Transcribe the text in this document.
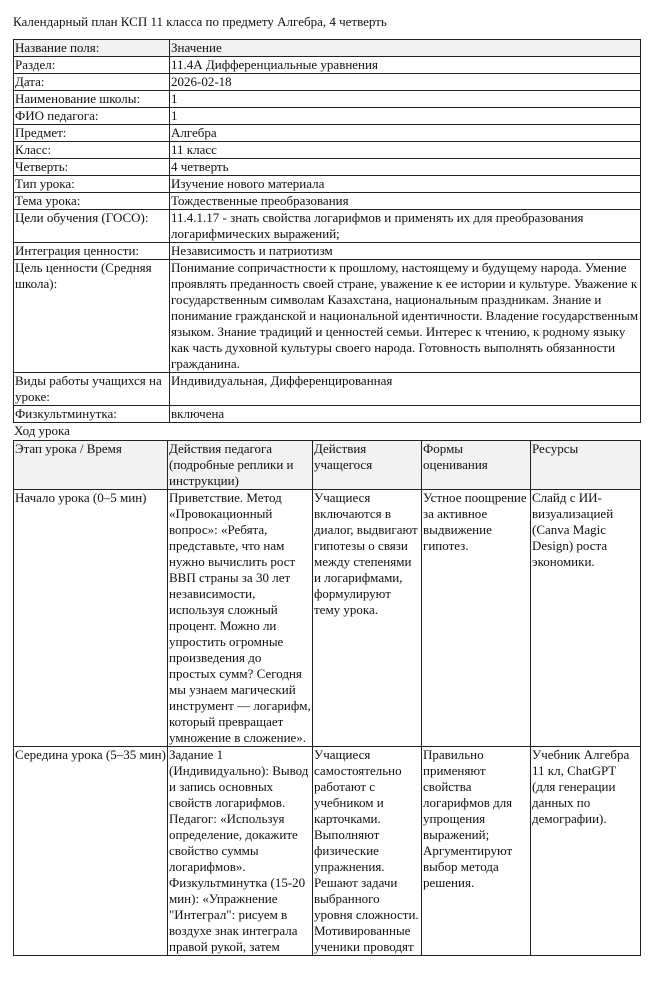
Календарный план КСП 11 класса по предмету Алгебра, 4 четверть
Название поля:	Значение
Раздел:	11.4А Дифференциальные уравнения
Дата:	2026-02-18
Наименование школы:	1
ФИО педагога:	1
Предмет:	Алгебра
Класс:	11 класс
Четверть:	4 четверть
Тип урока:	Изучение нового материала
Тема урока:	Тождественные преобразования
Цели обучения (ГОСО):	11.4.1.17 - знать свойства логарифмов и применять их для преобразования логарифмических выражений;
Интеграция ценности:	Независимость и патриотизм
Цель ценности (Средняя школа):	Понимание сопричастности к прошлому, настоящему и будущему народа. Умение проявлять преданность своей стране, уважение к ее истории и культуре. Уважение к государственным символам Казахстана, национальным праздникам. Знание и понимание гражданской и национальной идентичности. Владение государственным языком. Знание традиций и ценностей семьи. Интерес к чтению, к родному языку как часть духовной культуры своего народа. Готовность выполнять обязанности гражданина.
Виды работы учащихся на уроке:	Индивидуальная, Дифференцированная
Физкультминутка:	включена
Ход урока
Этап урока / Время	Действия педагога (подробные реплики и инструкции)	Действия учащегося	Формы оценивания	Ресурсы
Начало урока (0–5 мин)	Приветствие. Метод «Провокационный вопрос»: «Ребята, представьте, что нам нужно вычислить рост ВВП страны за 30 лет независимости, используя сложный процент. Можно ли упростить огромные произведения до простых сумм? Сегодня мы узнаем магический инструмент — логарифм, который превращает умножение в сложение».	Учащиеся включаются в диалог, выдвигают гипотезы о связи между степенями и логарифмами, формулируют тему урока.	Устное поощрение за активное выдвижение гипотез.	Слайд с ИИ-визуализацией (Canva Magic Design) роста экономики.
Середина урока (5–35 мин)	Задание 1 (Индивидуально): Вывод и запись основных свойств логарифмов. Педагог: «Используя определение, докажите свойство суммы логарифмов». Физкультминутка (15-20 мин): «Упражнение "Интеграл": рисуем в воздухе знак интеграла правой рукой, затем	Учащиеся самостоятельно работают с учебником и карточками. Выполняют физические упражнения. Решают задачи выбранного уровня сложности. Мотивированные ученики проводят	Правильно применяют свойства логарифмов для упрощения выражений; Аргументируют выбор метода решения.	Учебник Алгебра 11 кл, ChatGPT (для генерации данных по демографии).
